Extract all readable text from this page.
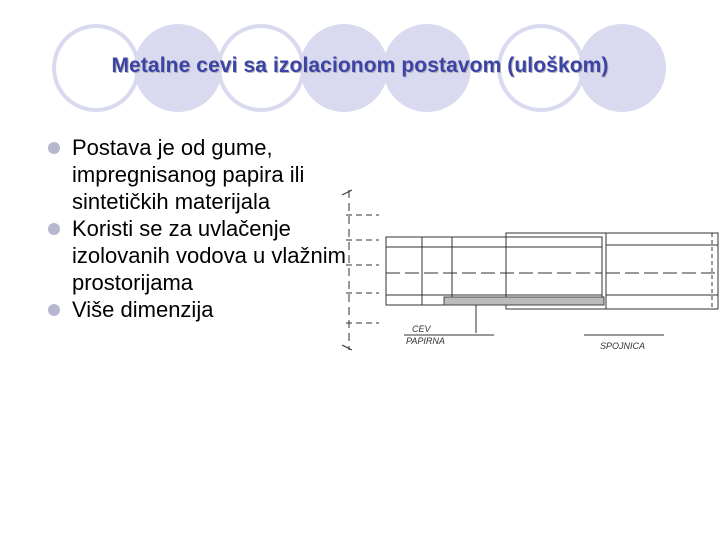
Metalne cevi sa izolacionom postavom (uloškom)
CEV
PAPIRNA	SPOJNICA
Postava je od gume, impregnisanog papira ili sintetičkih materijala
Koristi se za uvlačenje izolovanih vodova u vlažnim prostorijama
Više dimenzija
